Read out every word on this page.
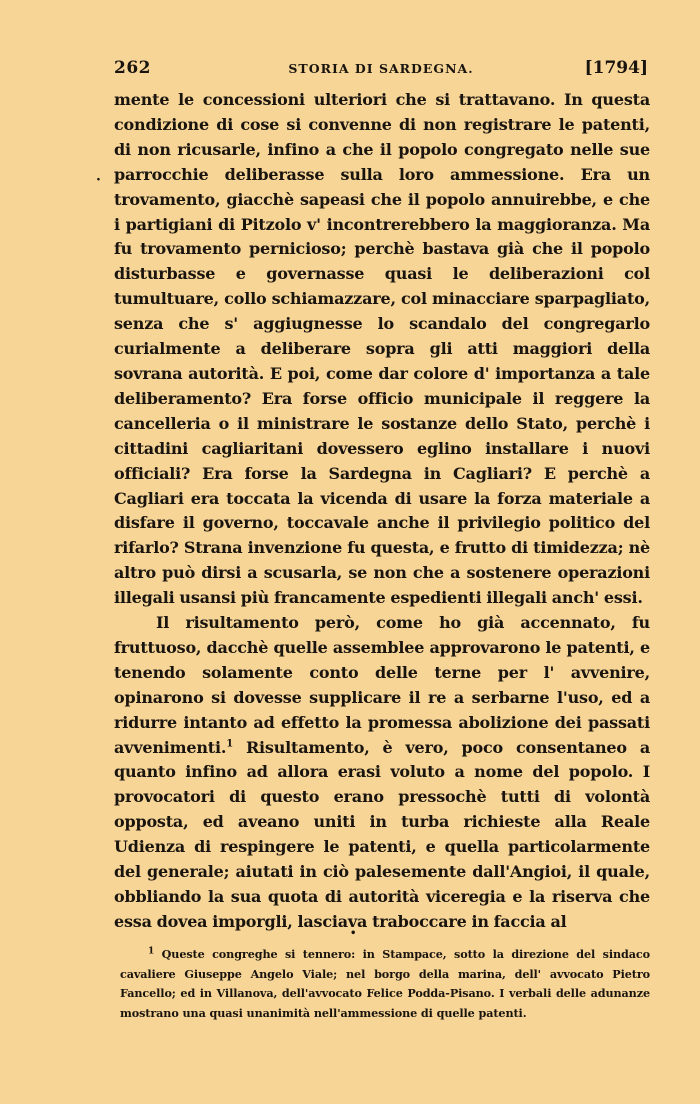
262	STORIA DI SARDEGNA.	[1794]
·

mente le concessioni ulteriori che si trattavano. In questa condizione di cose si convenne di non registrare le patenti, di non ricusarle, infino a che il popolo congregato nelle sue parrocchie deliberasse sulla loro ammessione. Era un trovamento, giacchè sapeasi che il popolo annuirebbe, e che i partigiani di Pitzolo v' incontrerebbero la maggioranza. Ma fu trovamento pernicioso; perchè bastava già che il popolo disturbasse e governasse quasi le deliberazioni col tumultuare, collo schiamazzare, col minacciare sparpagliato, senza che s' aggiugnesse lo scandalo del congregarlo curialmente a deliberare sopra gli atti maggiori della sovrana autorità. E poi, come dar colore d' importanza a tale deliberamento? Era forse officio municipale il reggere la cancelleria o il ministrare le sostanze dello Stato, perchè i cittadini cagliaritani dovessero eglino installare i nuovi officiali? Era forse la Sardegna in Cagliari? E perchè a Cagliari era toccata la vicenda di usare la forza materiale a disfare il governo, toccavale anche il privilegio politico del rifarlo? Strana invenzione fu questa, e frutto di timidezza; nè altro può dirsi a scusarla, se non che a sostenere operazioni illegali usansi più francamente espedienti illegali anch' essi.

Il risultamento però, come ho già accennato, fu fruttuoso, dacchè quelle assemblee approvarono le patenti, e tenendo solamente conto delle terne per l' avvenire, opinarono si dovesse supplicare il re a serbarne l'uso, ed a ridurre intanto ad effetto la promessa abolizione dei passati avvenimenti.$^1$ Risultamento, è vero, poco consentaneo a quanto infino ad allora erasi voluto a nome del popolo. I provocatori di questo erano pressochè tutti di volontà opposta, ed aveano uniti in turba richieste alla Reale Udienza di respingere le patenti, e quella particolarmente del generale; aiutati in ciò palesemente dall'Angioi, il quale, obbliando la sua quota di autorità viceregia e la riserva che essa dovea imporgli, lasciava traboccare in faccia al

•

$^1$ Queste congreghe si tennero: in Stampace, sotto la direzione del sindaco cavaliere Giuseppe Angelo Viale; nel borgo della marina, dell' avvocato Pietro Fancello; ed in Villanova, dell'avvocato Felice Podda-Pisano. I verbali delle adunanze mostrano una quasi unanimità nell'ammessione di quelle patenti.
